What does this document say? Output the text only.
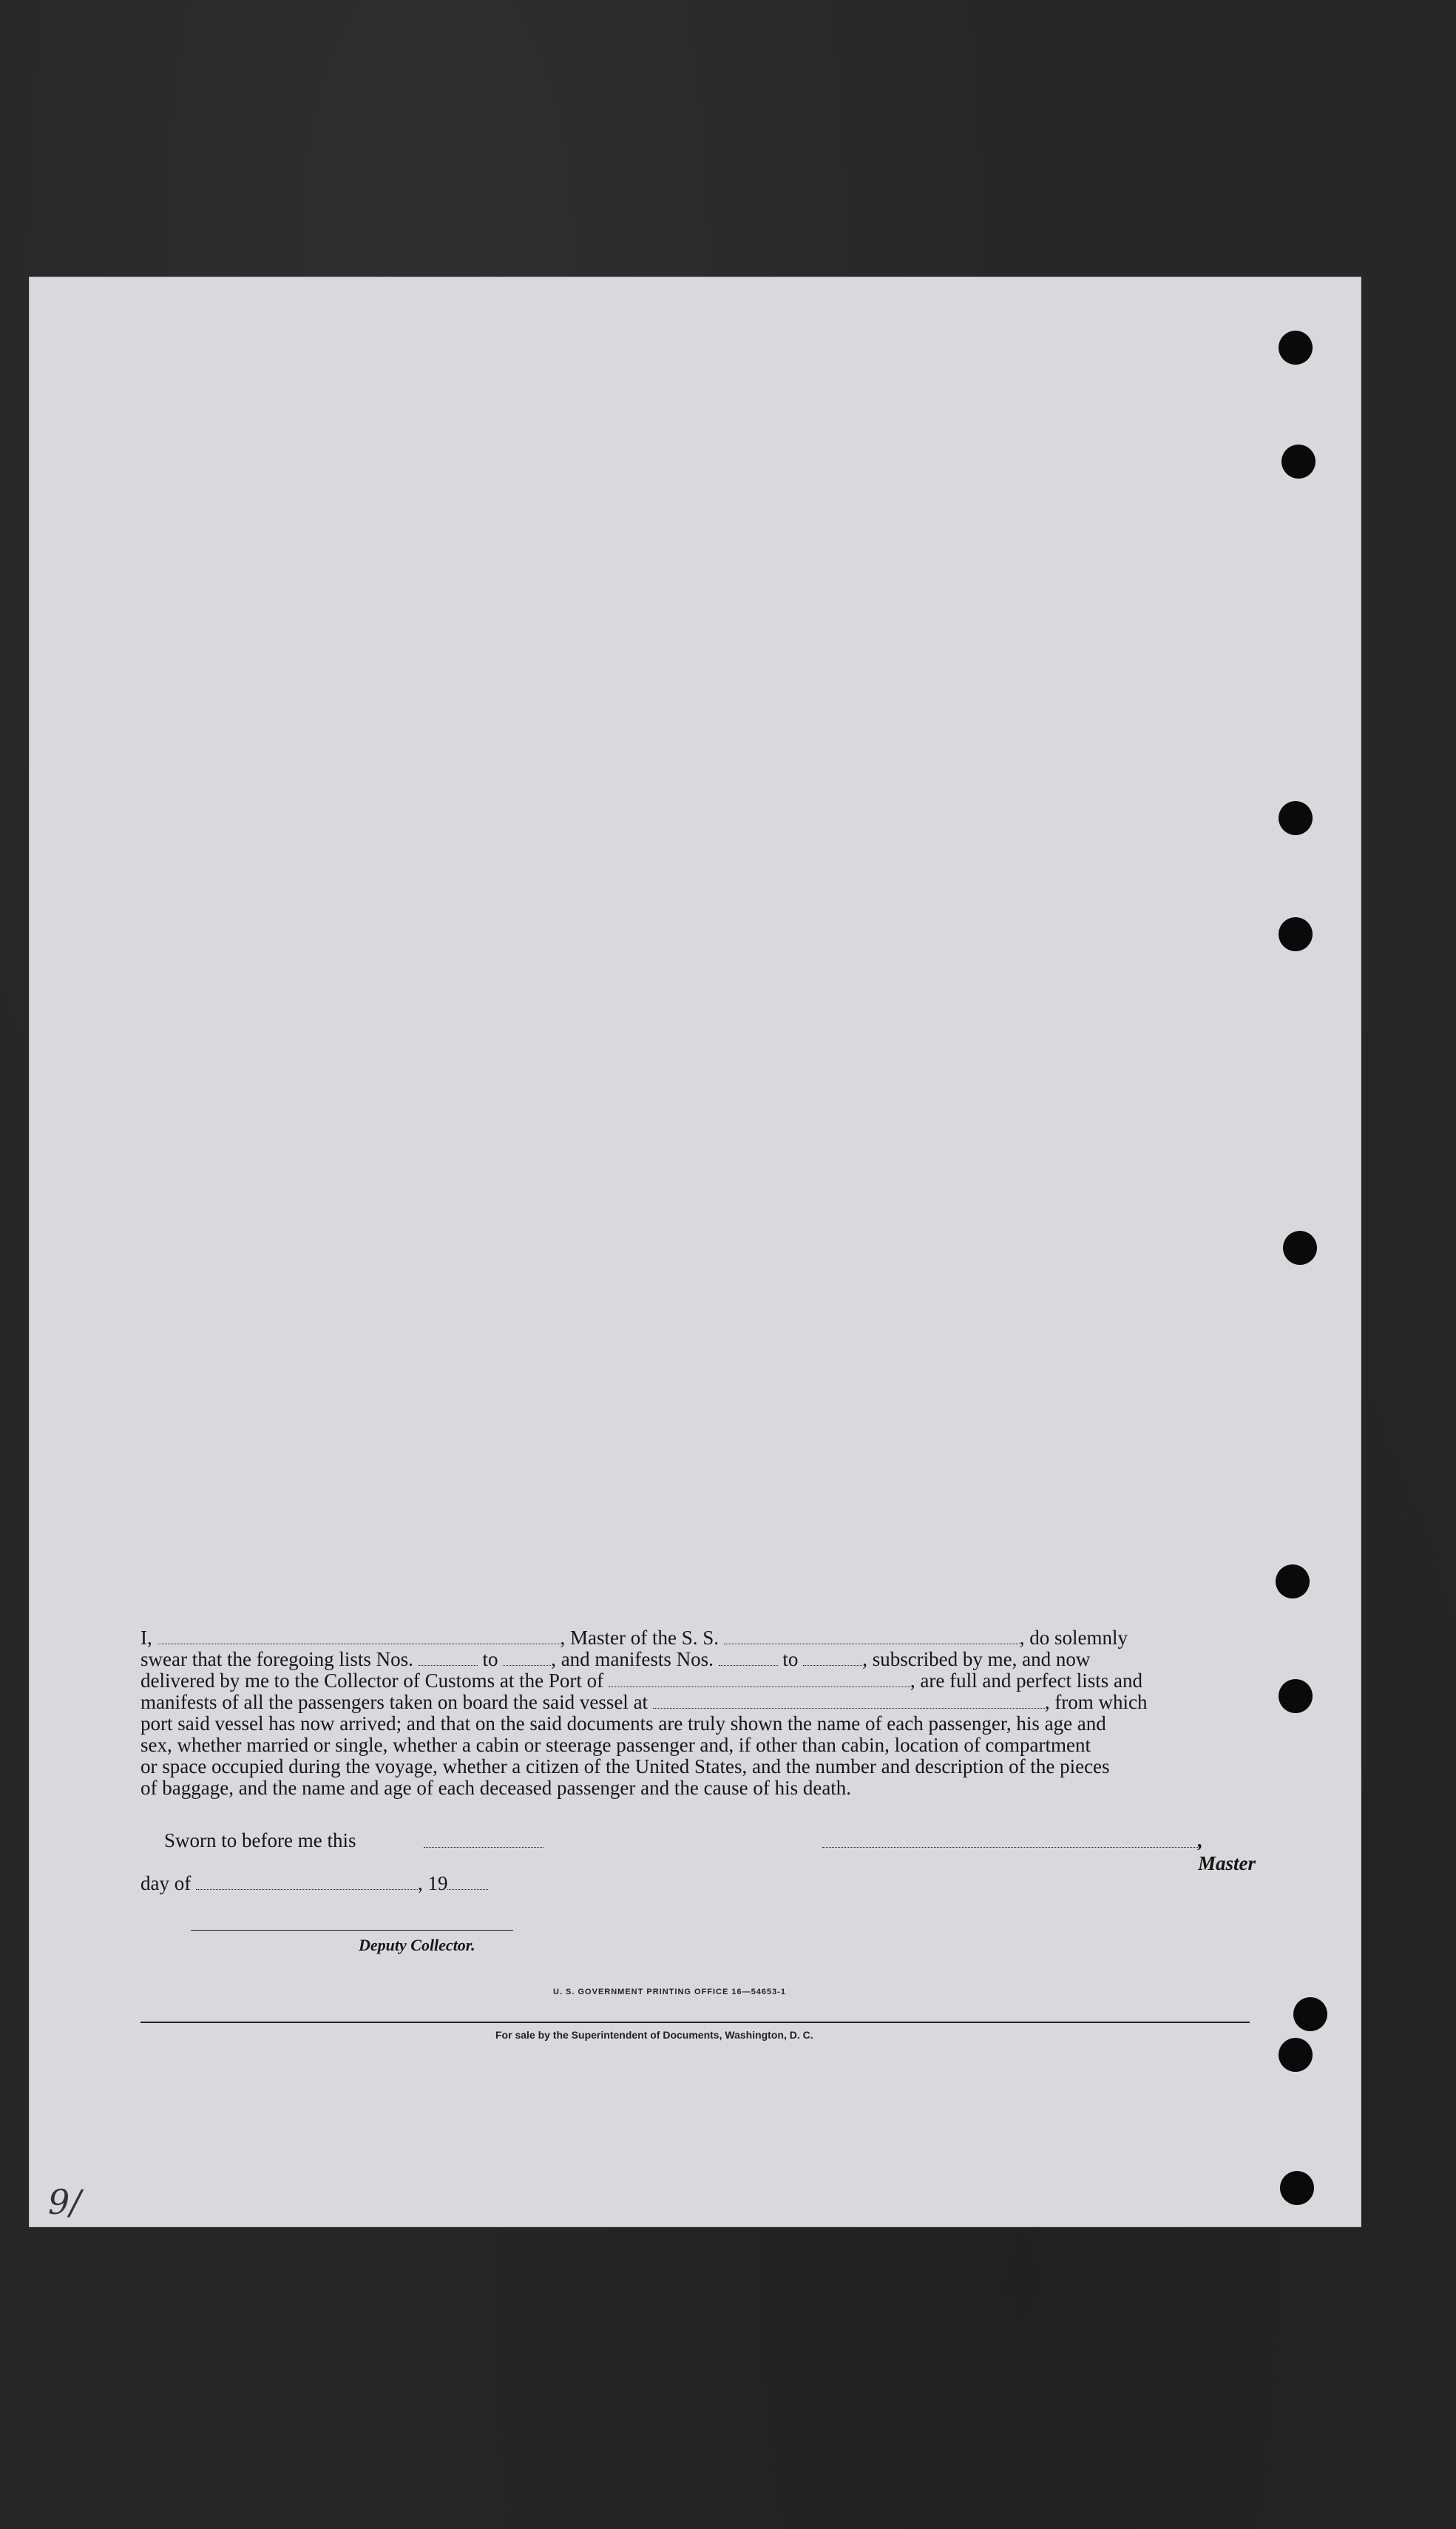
I,	, Master of the S. S.	, do solemnly
swear that the foregoing lists Nos.	to	, and manifests Nos.	to	, subscribed by me, and now
delivered by me to the Collector of Customs at the Port of	, are full and perfect lists and
manifests of all the passengers taken on board the said vessel at	, from which
port said vessel has now arrived; and that on the said documents are truly shown the name of each passenger, his age and
sex, whether married or single, whether a cabin or steerage passenger and, if other than cabin, location of compartment
or space occupied during the voyage, whether a citizen of the United States, and the number and description of the pieces
of baggage, and the name and age of each deceased passenger and the cause of his death.
Sworn to before me this	, Master
day of	, 19
Deputy Collector.
U. S. GOVERNMENT PRINTING OFFICE 16—54653-1
For sale by the Superintendent of Documents, Washington, D. C.
9/
